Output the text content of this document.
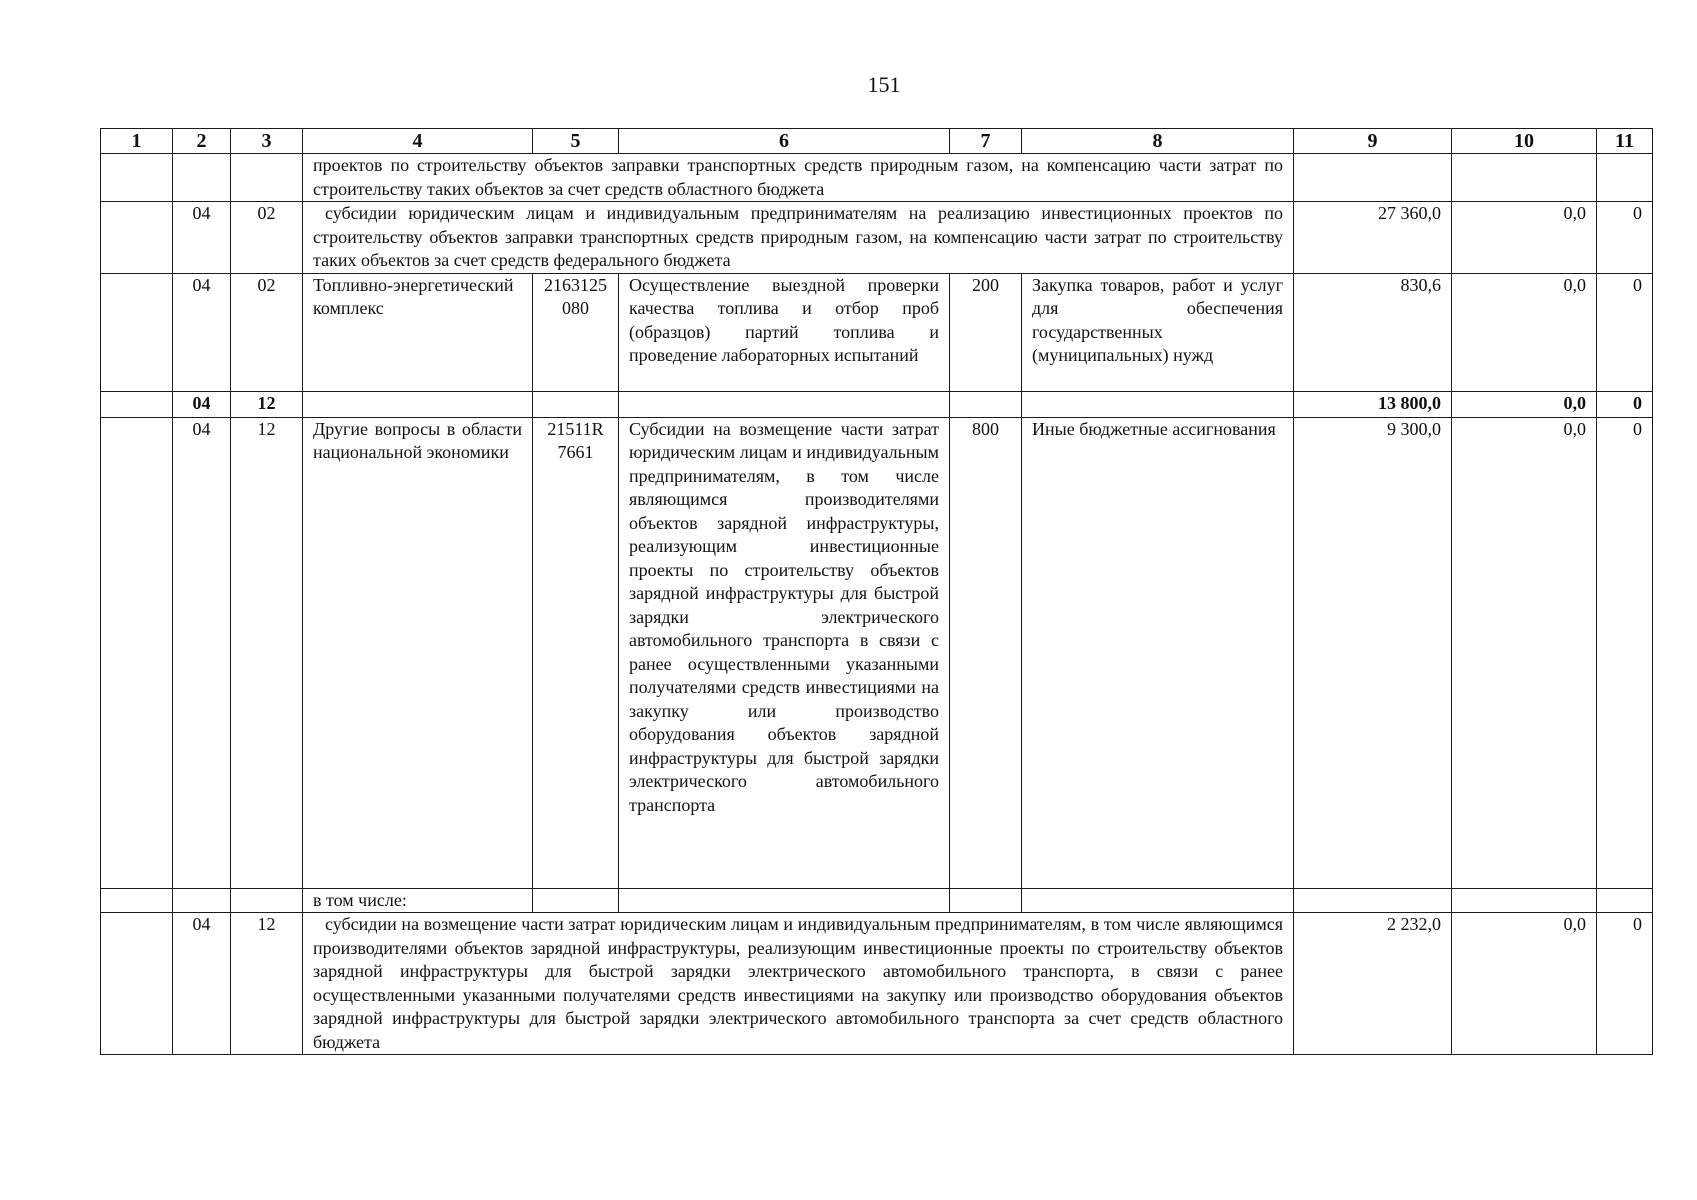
151
1	2	3	4	5	6	7	8	9	10	11
			проектов по строительству объектов заправки транспортных средств природным газом, на компенсацию части затрат по строительству таких объектов за счет средств областного бюджета							
	04	02	субсидии юридическим лицам и индивидуальным предпринимателям на реализацию инвестиционных проектов по строительству объектов заправки транспортных средств природным газом, на компенсацию части затрат по строительству таких объектов за счет средств федерального бюджета					27 360,0	0,0	0
	04	02	Топливно-энергетический комплекс	2163125080	Осуществление выездной проверки качества топлива и отбор проб (образцов) партий топлива и проведение лабораторных испытаний	200	Закупка товаров, работ и услуг для обеспечения государственных (муниципальных) нужд	830,6	0,0	0
	04	12						13 800,0	0,0	0
	04	12	Другие вопросы в области национальной экономики	21511R7661	Субсидии на возмещение части затрат юридическим лицам и индивидуальным предпринимателям, в том числе являющимся производителями объектов зарядной инфраструктуры, реализующим инвестиционные проекты по строительству объектов зарядной инфраструктуры для быстрой зарядки электрического автомобильного транспорта в связи с ранее осуществленными указанными получателями средств инвестициями на закупку или производство оборудования объектов зарядной инфраструктуры для быстрой зарядки электрического автомобильного транспорта	800	Иные бюджетные ассигнования	9 300,0	0,0	0
			в том числе:							
	04	12	субсидии на возмещение части затрат юридическим лицам и индивидуальным предпринимателям, в том числе являющимся производителями объектов зарядной инфраструктуры, реализующим инвестиционные проекты по строительству объектов зарядной инфраструктуры для быстрой зарядки электрического автомобильного транспорта, в связи с ранее осуществленными указанными получателями средств инвестициями на закупку или производство оборудования объектов зарядной инфраструктуры для быстрой зарядки электрического автомобильного транспорта за счет средств областного бюджета					2 232,0	0,0	0
